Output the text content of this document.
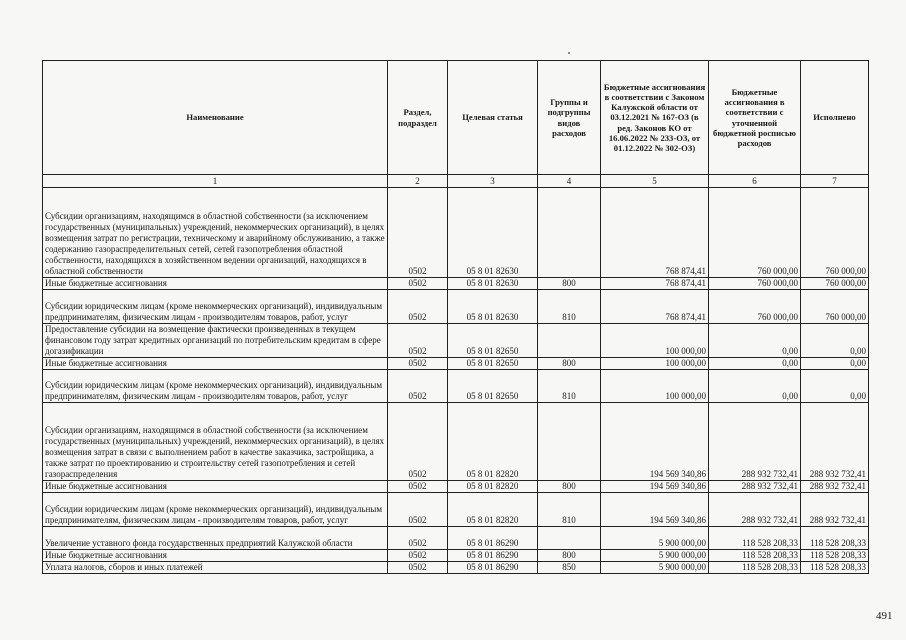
Наименование	Раздел, подраздел	Целевая статья	Группы и подгруппы видов расходов	Бюджетные ассигнования в соответствии с Законом Калужской области от 03.12.2021 № 167-ОЗ (в ред. Законов КО от 16.06.2022 № 233-ОЗ, от 01.12.2022 № 302-ОЗ)	Бюджетные ассигнования в соответствии с уточненной бюджетной росписью расходов	Исполнено
1	2	3	4	5	6	7
Субсидии организациям, находящимся в областной собственности (за исключением государственных (муниципальных) учреждений, некоммерческих организаций), в целях возмещения затрат по регистрации, техническому и аварийному обслуживанию, а также содержанию газораспределительных сетей, сетей газопотребления областной собственности, находящихся в хозяйственном ведении организаций, находящихся в областной собственности	0502	05 8 01 82630		768 874,41	760 000,00	760 000,00
Иные бюджетные ассигнования	0502	05 8 01 82630	800	768 874,41	760 000,00	760 000,00
Субсидии юридическим лицам (кроме некоммерческих организаций), индивидуальным предпринимателям, физическим лицам - производителям товаров, работ, услуг	0502	05 8 01 82630	810	768 874,41	760 000,00	760 000,00
Предоставление субсидии на возмещение фактически произведенных в текущем финансовом году затрат кредитных организаций по потребительским кредитам в сфере догазификации	0502	05 8 01 82650		100 000,00	0,00	0,00
Иные бюджетные ассигнования	0502	05 8 01 82650	800	100 000,00	0,00	0,00
Субсидии юридическим лицам (кроме некоммерческих организаций), индивидуальным предпринимателям, физическим лицам - производителям товаров, работ, услуг	0502	05 8 01 82650	810	100 000,00	0,00	0,00
Субсидии организациям, находящимся в областной собственности (за исключением государственных (муниципальных) учреждений, некоммерческих организаций), в целях возмещения затрат в связи с выполнением работ в качестве заказчика, застройщика, а также затрат по проектированию и строительству сетей газопотребления и сетей газораспределения	0502	05 8 01 82820		194 569 340,86	288 932 732,41	288 932 732,41
Иные бюджетные ассигнования	0502	05 8 01 82820	800	194 569 340,86	288 932 732,41	288 932 732,41
Субсидии юридическим лицам (кроме некоммерческих организаций), индивидуальным предпринимателям, физическим лицам - производителям товаров, работ, услуг	0502	05 8 01 82820	810	194 569 340,86	288 932 732,41	288 932 732,41
Увеличение уставного фонда государственных предприятий Калужской области	0502	05 8 01 86290		5 900 000,00	118 528 208,33	118 528 208,33
Иные бюджетные ассигнования	0502	05 8 01 86290	800	5 900 000,00	118 528 208,33	118 528 208,33
Уплата налогов, сборов и иных платежей	0502	05 8 01 86290	850	5 900 000,00	118 528 208,33	118 528 208,33
491
